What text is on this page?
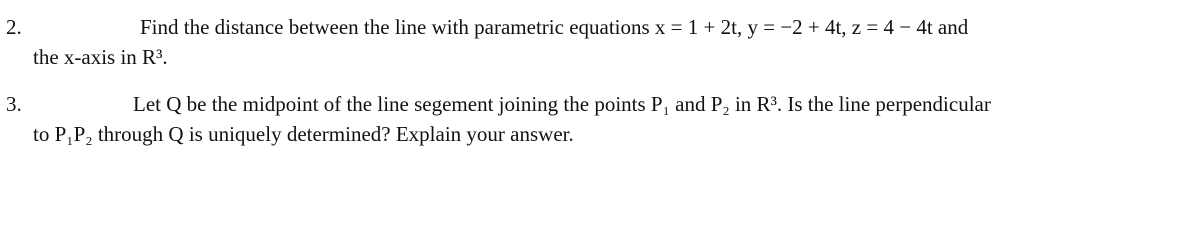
2.	Find the distance between the line with parametric equations x = 1 + 2t, y = −2 + 4t, z = 4 − 4t and
the x-axis in R³.
3.	Let Q be the midpoint of the line segement joining the points P₁ and P₂ in R³. Is the line perpendicular
to P₁P₂ through Q is uniquely determined? Explain your answer.
